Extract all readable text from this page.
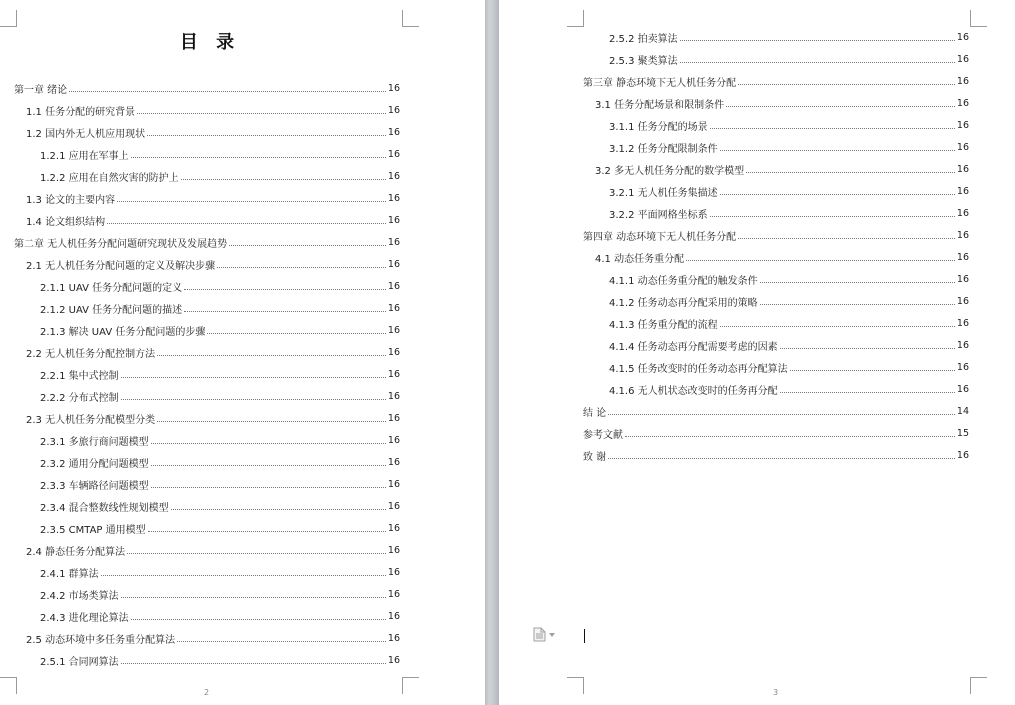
目 录
第一章 绪论	16
1.1 任务分配的研究背景	16
1.2 国内外无人机应用现状	16
1.2.1 应用在军事上	16
1.2.2 应用在自然灾害的防护上	16
1.3 论文的主要内容	16
1.4 论文组织结构	16
第二章 无人机任务分配问题研究现状及发展趋势	16
2.1 无人机任务分配问题的定义及解决步骤	16
2.1.1 UAV 任务分配问题的定义	16
2.1.2 UAV 任务分配问题的描述	16
2.1.3 解决 UAV 任务分配问题的步骤	16
2.2 无人机任务分配控制方法	16
2.2.1 集中式控制	16
2.2.2 分布式控制	16
2.3 无人机任务分配模型分类	16
2.3.1 多旅行商问题模型	16
2.3.2 通用分配问题模型	16
2.3.3 车辆路径问题模型	16
2.3.4 混合整数线性规划模型	16
2.3.5 CMTAP 通用模型	16
2.4 静态任务分配算法	16
2.4.1 群算法	16
2.4.2 市场类算法	16
2.4.3 进化理论算法	16
2.5 动态环境中多任务重分配算法	16
2.5.1 合同网算法	16
2
2.5.2 拍卖算法	16
2.5.3 聚类算法	16
第三章 静态环境下无人机任务分配	16
3.1 任务分配场景和限制条件	16
3.1.1 任务分配的场景	16
3.1.2 任务分配限制条件	16
3.2 多无人机任务分配的数学模型	16
3.2.1 无人机任务集描述	16
3.2.2 平面网格坐标系	16
第四章 动态环境下无人机任务分配	16
4.1 动态任务重分配	16
4.1.1 动态任务重分配的触发条件	16
4.1.2 任务动态再分配采用的策略	16
4.1.3 任务重分配的流程	16
4.1.4 任务动态再分配需要考虑的因素	16
4.1.5 任务改变时的任务动态再分配算法	16
4.1.6 无人机状态改变时的任务再分配	16
结 论	14
参考文献	15
致 谢	16
3
